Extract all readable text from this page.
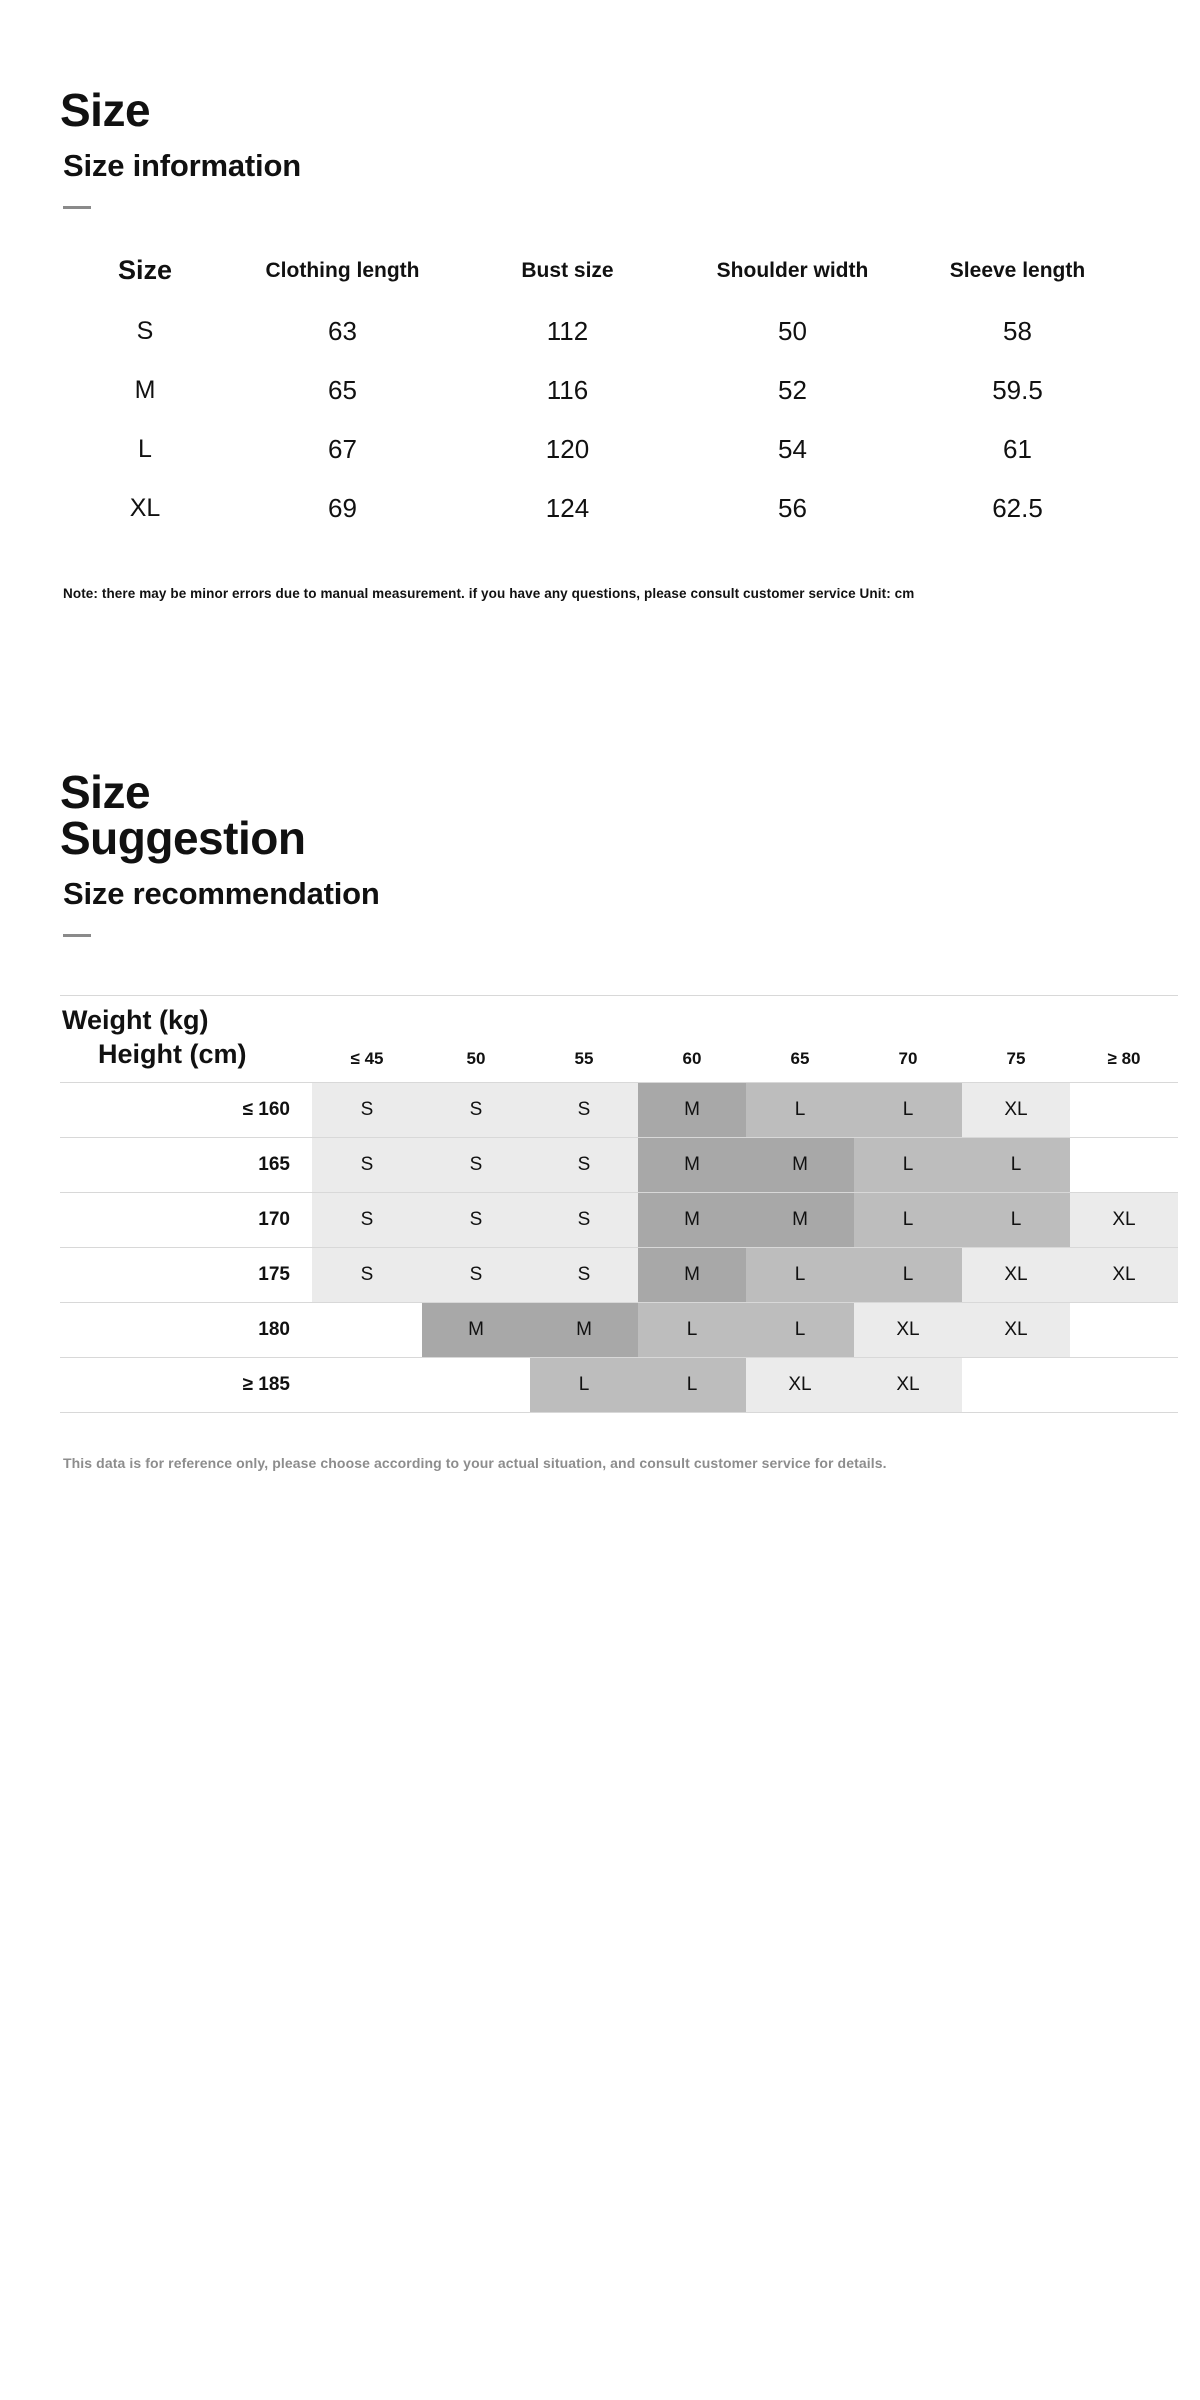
Size
Size information
Size	Clothing length	Bust size	Shoulder width	Sleeve length
S	63	112	50	58
M	65	116	52	59.5
L	67	120	54	61
XL	69	124	56	62.5
Note: there may be minor errors due to manual measurement. if you have any questions, please consult customer service Unit: cm
Size
Suggestion
Size recommendation
Weight (kg)
Height (cm)	≤ 45	50	55	60	65	70	75	≥ 80
≤ 160	S	S	S	M	L	L	XL	
165	S	S	S	M	M	L	L	
170	S	S	S	M	M	L	L	XL
175	S	S	S	M	L	L	XL	XL
180		M	M	L	L	XL	XL	
≥ 185			L	L	XL	XL		
This data is for reference only, please choose according to your actual situation, and consult customer service for details.
